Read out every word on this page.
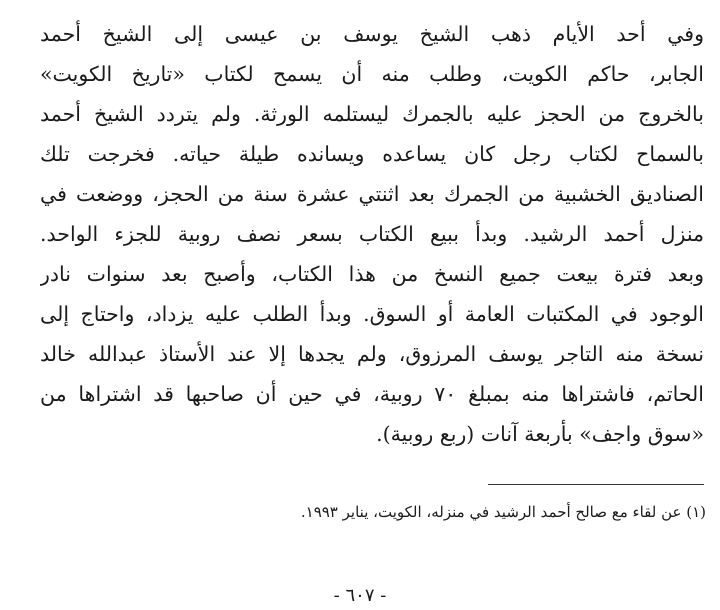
وفي أحد الأيام ذهب الشيخ يوسف بن عيسى إلى الشيخ أحمد
الجابر، حاكم الكويت، وطلب منه أن يسمح لكتاب «تاريخ الكويت»
بالخروج من الحجز عليه بالجمرك ليستلمه الورثة. ولم يتردد الشيخ أحمد
بالسماح لكتاب رجل كان يساعده ويسانده طيلة حياته. فخرجت تلك
الصناديق الخشبية من الجمرك بعد اثنتي عشرة سنة من الحجز، ووضعت في
منزل أحمد الرشيد. وبدأ ببيع الكتاب بسعر نصف روبية للجزء الواحد.
وبعد فترة بيعت جميع النسخ من هذا الكتاب، وأصبح بعد سنوات نادر
الوجود في المكتبات العامة أو السوق. وبدأ الطلب عليه يزداد، واحتاج إلى
نسخة منه التاجر يوسف المرزوق، ولم يجدها إلا عند الأستاذ عبدالله خالد
الحاتم، فاشتراها منه بمبلغ ٧٠ روبية، في حين أن صاحبها قد اشتراها من
«سوق واجف» بأربعة آنات (ربع روبية).
(١) عن لقاء مع صالح أحمد الرشيد في منزله، الكويت، يناير ١٩٩٣.
- ٦٠٧ -
